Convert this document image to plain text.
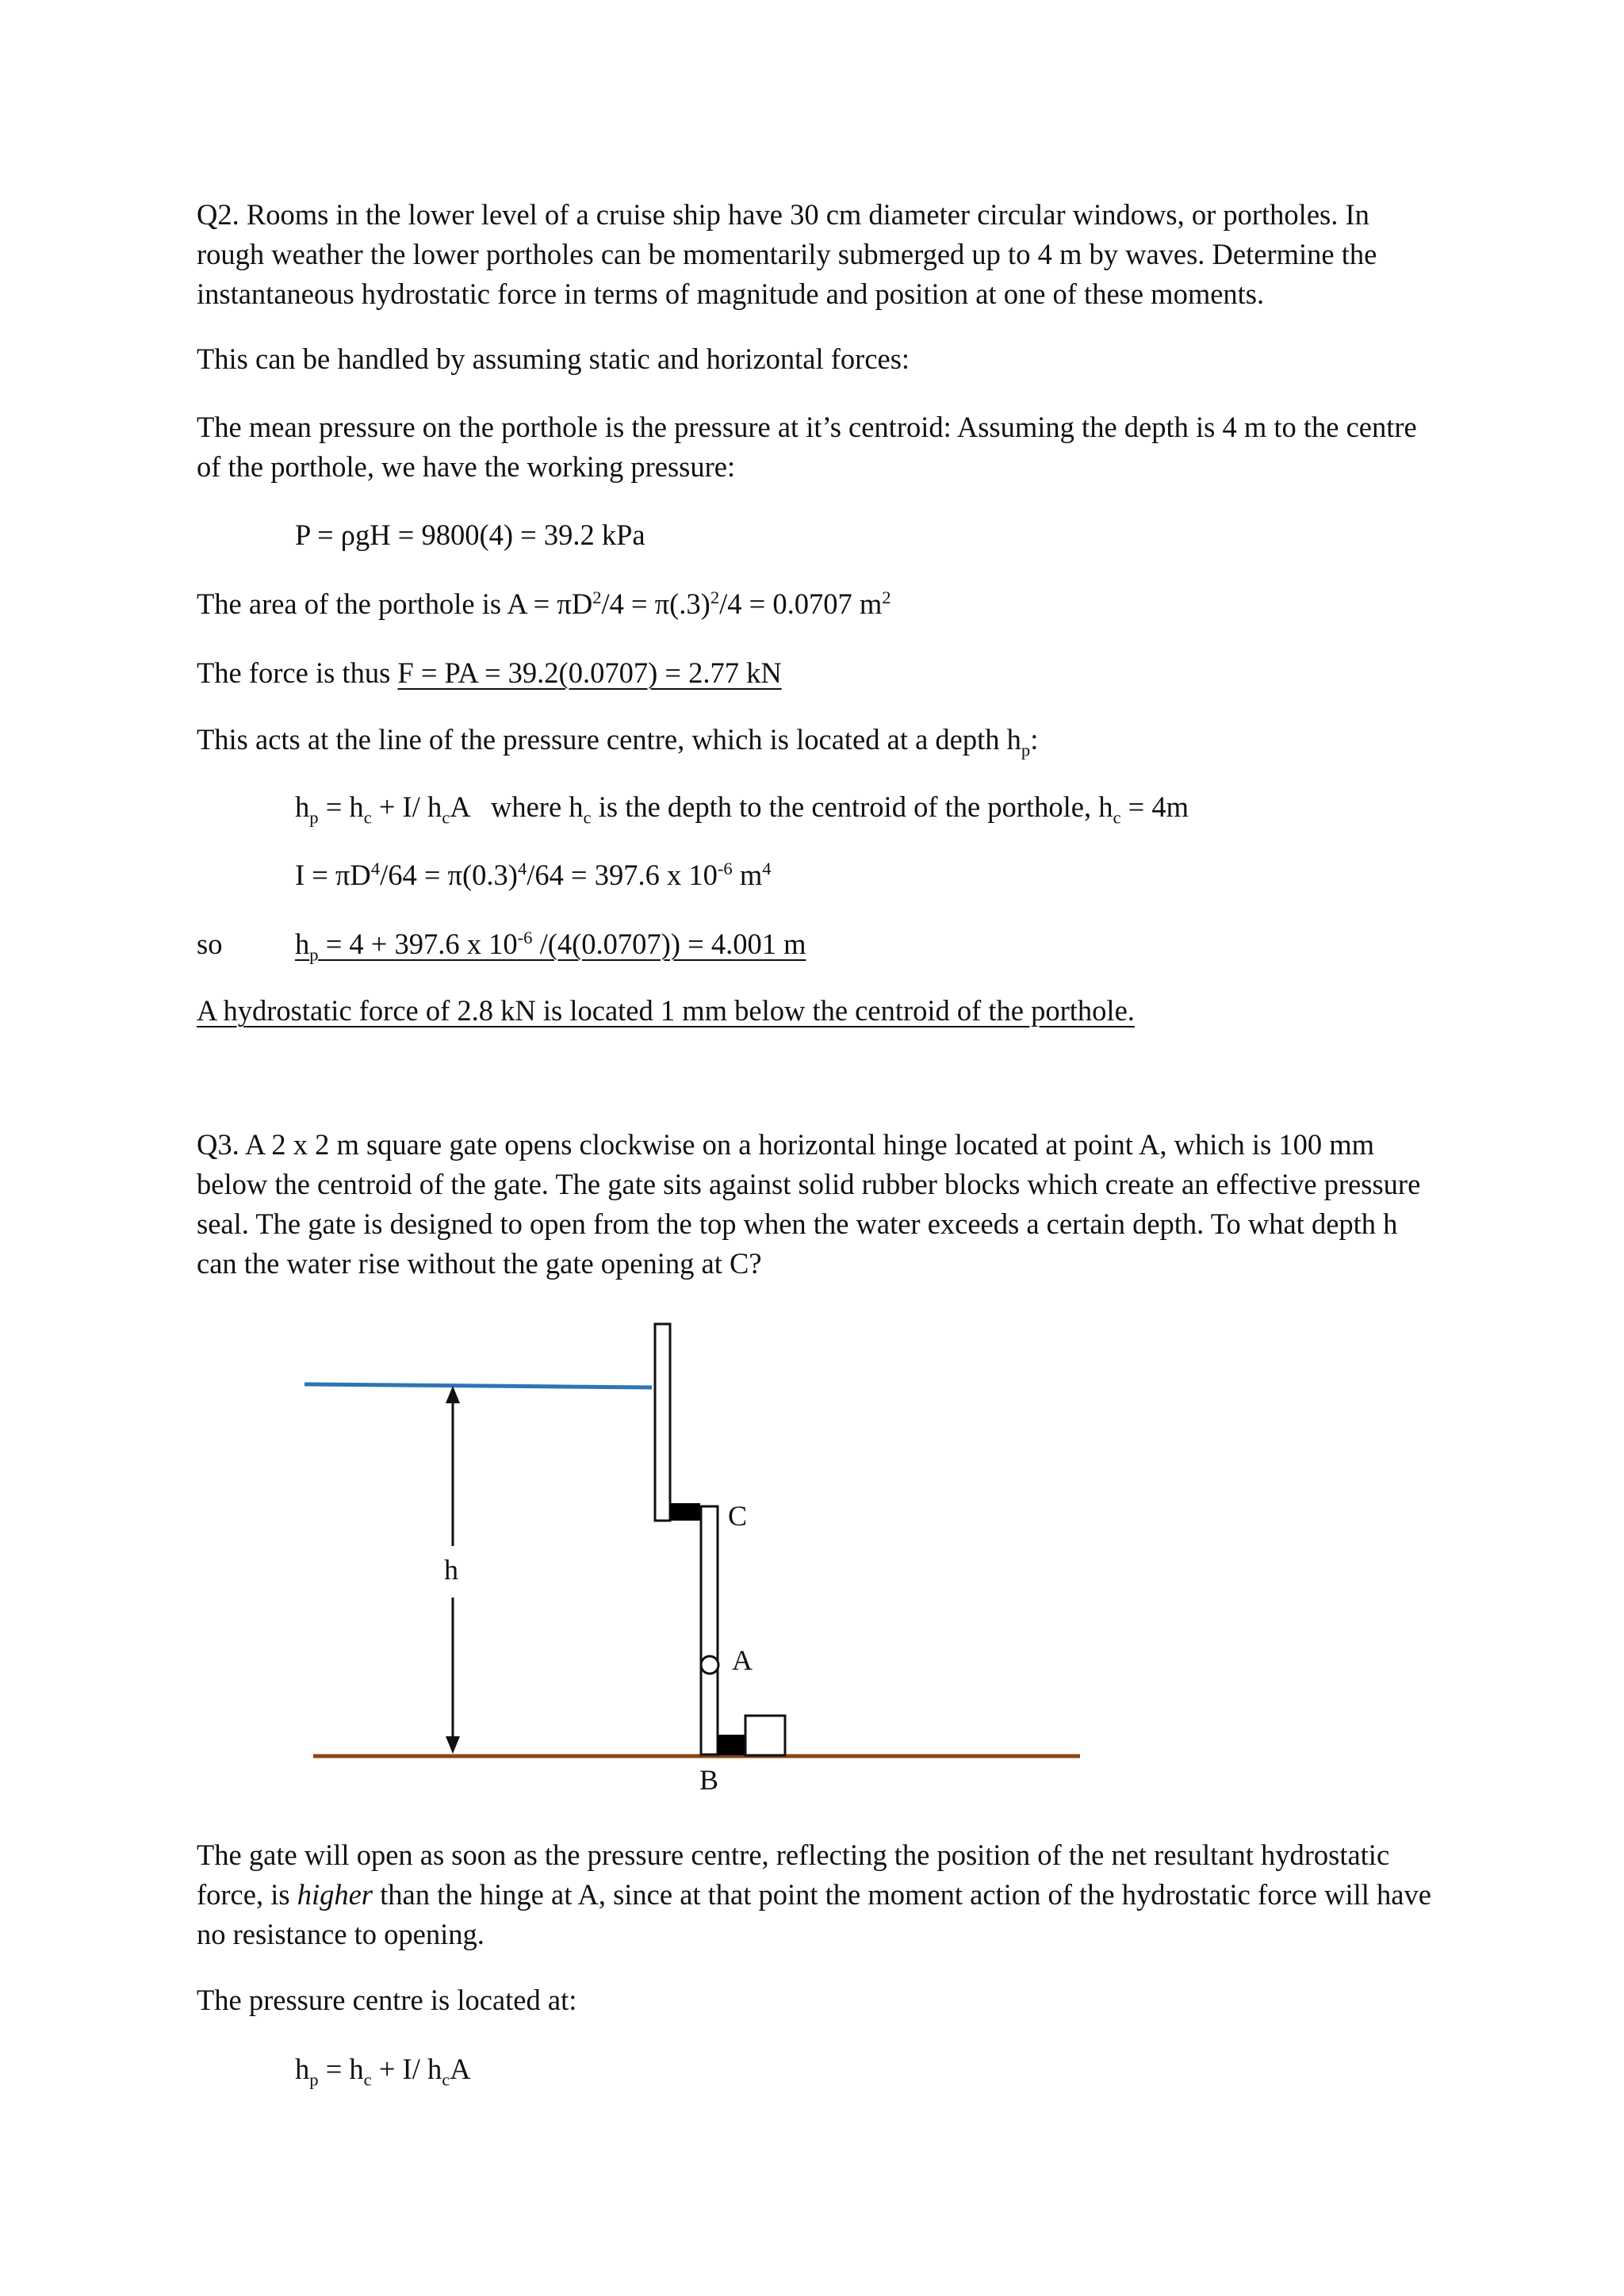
Q2. Rooms in the lower level of a cruise ship have 30 cm diameter circular windows, or portholes. In rough weather the lower portholes can be momentarily submerged up to 4 m by waves. Determine the instantaneous hydrostatic force in terms of magnitude and position at one of these moments.

This can be handled by assuming static and horizontal forces:

The mean pressure on the porthole is the pressure at it’s centroid: Assuming the depth is 4 m to the centre of the porthole, we have the working pressure:

P = ρgH = 9800(4) = 39.2 kPa

The area of the porthole is $A = \pi D^2/4 = \pi(.3)^2/4 = 0.0707$ $m^2$

The force is thus F = PA = 39.2(0.0707) = 2.77 kN

This acts at the line of the pressure centre, which is located at a depth $h_p$:

$h_p = h_c + I/$ $h_cA$   where $h_c$ is the depth to the centroid of the porthole, $h_c = 4m$

$I = \pi D^4/64 = \pi(0.3)^4/64 = 397.6$ x $10^{-6}$ $m^4$

so	$h_p = 4 + 397.6$ x $10^{-6}$ /(4(0.0707)) = 4.001 m

A hydrostatic force of 2.8 kN is located 1 mm below the centroid of the porthole.

Q3. A 2 x 2 m square gate opens clockwise on a horizontal hinge located at point A, which is 100 mm below the centroid of the gate. The gate sits against solid rubber blocks which create an effective pressure seal. The gate is designed to open from the top when the water exceeds a certain depth. To what depth h can the water rise without the gate opening at C?

h
C
A
B

The gate will open as soon as the pressure centre, reflecting the position of the net resultant hydrostatic force, is higher than the hinge at A, since at that point the moment action of the hydrostatic force will have no resistance to opening.

The pressure centre is located at:

$h_p = h_c + I/$ $h_cA$
